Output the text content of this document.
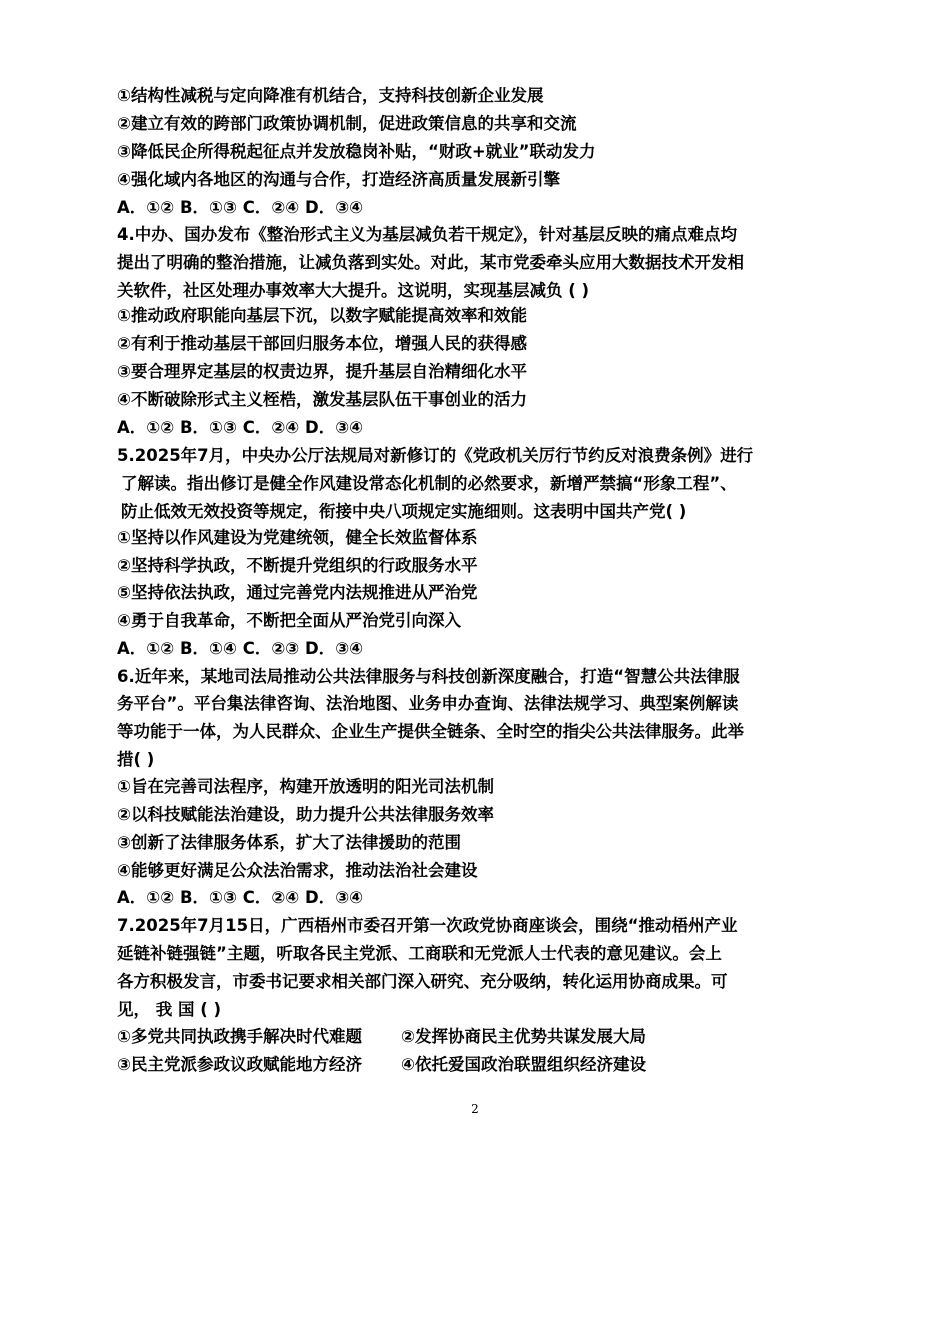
①结构性减税与定向降准有机结合，支持科技创新企业发展
②建立有效的跨部门政策协调机制，促进政策信息的共享和交流
③降低民企所得税起征点并发放稳岗补贴，“财政+就业”联动发力
④强化域内各地区的沟通与合作，打造经济高质量发展新引擎
A．①② B．①③ C．②④ D．③④
4.中办、国办发布《整治形式主义为基层减负若干规定》，针对基层反映的痛点难点均
提出了明确的整治措施，让减负落到实处。对此，某市党委牵头应用大数据技术开发相
关软件，社区处理办事效率大大提升。这说明，实现基层减负 ( )
①推动政府职能向基层下沉，以数字赋能提高效率和效能
②有利于推动基层干部回归服务本位，增强人民的获得感
③要合理界定基层的权责边界，提升基层自治精细化水平
④不断破除形式主义桎梏，激发基层队伍干事创业的活力
A．①② B．①③ C．②④ D．③④
5.2025年7月，中央办公厅法规局对新修订的《党政机关厉行节约反对浪费条例》进行
了解读。指出修订是健全作风建设常态化机制的必然要求，新增严禁搞“形象工程”、
防止低效无效投资等规定，衔接中央八项规定实施细则。这表明中国共产党( )
①坚持以作风建设为党建统领，健全长效监督体系
②坚持科学执政，不断提升党组织的行政服务水平
⑤坚持依法执政，通过完善党内法规推进从严治党
④勇于自我革命，不断把全面从严治党引向深入
A．①② B．①④ C．②③ D．③④
6.近年来，某地司法局推动公共法律服务与科技创新深度融合，打造“智慧公共法律服
务平台”。平台集法律咨询、法治地图、业务申办查询、法律法规学习、典型案例解读
等功能于一体，为人民群众、企业生产提供全链条、全时空的指尖公共法律服务。此举
措( )
①旨在完善司法程序，构建开放透明的阳光司法机制
②以科技赋能法治建设，助力提升公共法律服务效率
③创新了法律服务体系，扩大了法律援助的范围
④能够更好满足公众法治需求，推动法治社会建设
A．①② B．①③ C．②④ D．③④
7.2025年7月15日，广西梧州市委召开第一次政党协商座谈会，围绕“推动梧州产业
延链补链强链”主题，听取各民主党派、工商联和无党派人士代表的意见建议。会上
各方积极发言，市委书记要求相关部门深入研究、充分吸纳，转化运用协商成果。可
见， 我 国 ( )
①多党共同执政携手解决时代难题 ②发挥协商民主优势共谋发展大局
③民主党派参政议政赋能地方经济 ④依托爱国政治联盟组织经济建设
2
